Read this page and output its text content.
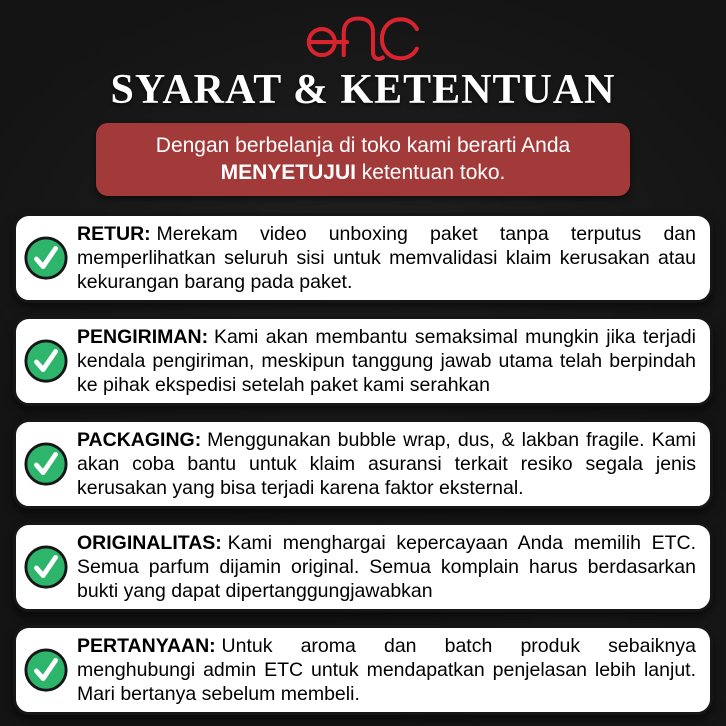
SYARAT & KETENTUAN
Dengan berbelanja di toko kami berarti Anda
MENYETUJUI ketentuan toko.

RETUR: Merekam video unboxing paket tanpa terputus dan memperlihatkan seluruh sisi untuk memvalidasi klaim kerusakan atau kekurangan barang pada paket.

PENGIRIMAN: Kami akan membantu semaksimal mungkin jika terjadi kendala pengiriman, meskipun tanggung jawab utama telah berpindah ke pihak ekspedisi setelah paket kami serahkan

PACKAGING: Menggunakan bubble wrap, dus, & lakban fragile. Kami akan coba bantu untuk klaim asuransi terkait resiko segala jenis kerusakan yang bisa terjadi karena faktor eksternal.

ORIGINALITAS: Kami menghargai kepercayaan Anda memilih ETC. Semua parfum dijamin original. Semua komplain harus berdasarkan bukti yang dapat dipertanggungjawabkan

PERTANYAAN: Untuk aroma dan batch produk sebaiknya menghubungi admin ETC untuk mendapatkan penjelasan lebih lanjut. Mari bertanya sebelum membeli.
